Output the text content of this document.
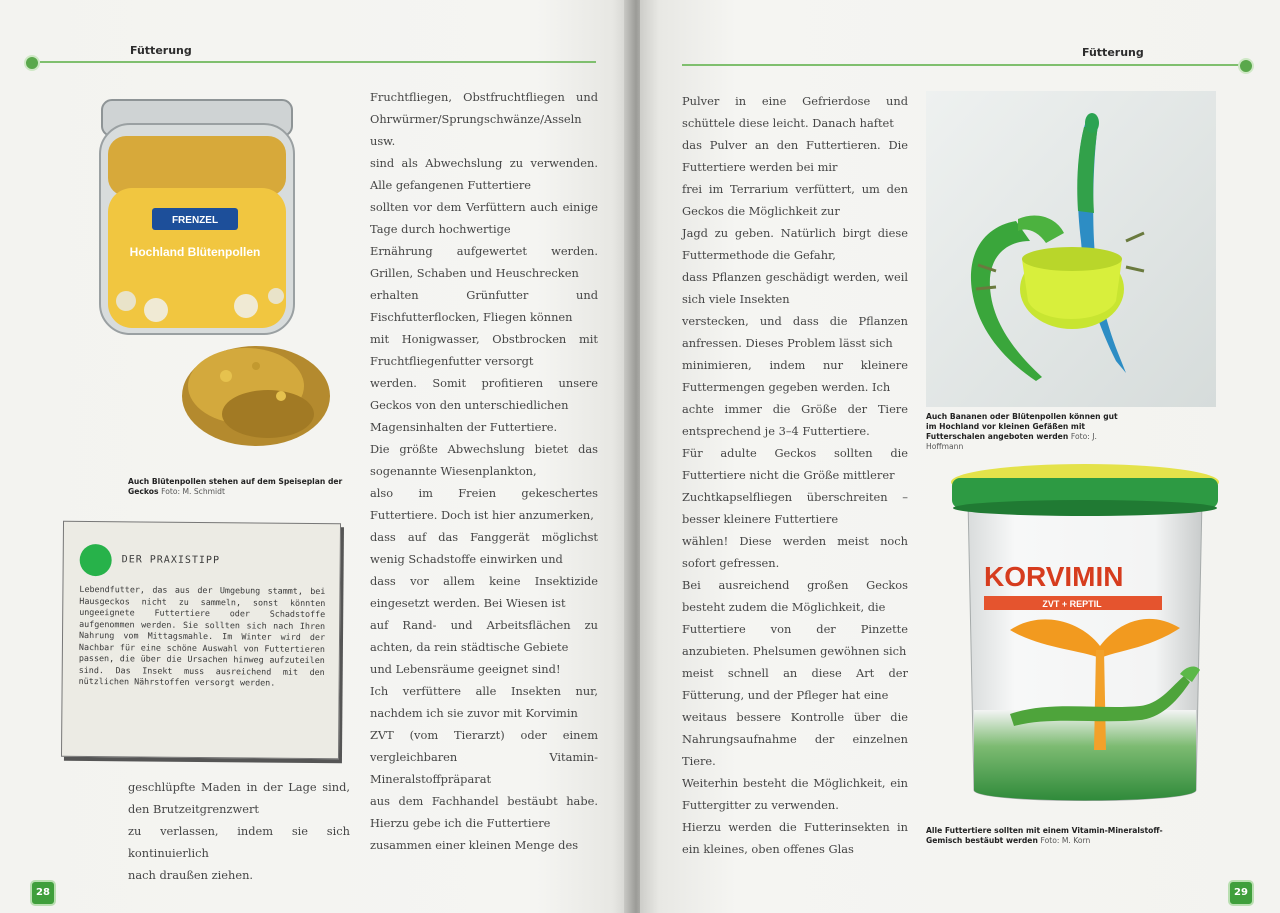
Fütterung
FRENZEL
Hochland Blütenpollen
Auch Blütenpollen stehen auf dem Speiseplan der Geckos Foto: M. Schmidt
DER PRAXISTIPP
Lebendfutter, das aus der Umgebung stammt, bei Hausgeckos nicht zu sammeln, sonst könnten ungeeignete Futtertiere oder Schadstoffe aufgenommen werden. Sie sollten sich nach Ihren Nahrung vom Mittagsmahle. Im Winter wird der Nachbar für eine schöne Auswahl von Futtertieren passen, die über die Ursachen hinweg aufzuteilen sind. Das Insekt muss ausreichend mit den nützlichen Nährstoffen versorgt werden.

Fruchtfliegen, Obstfruchtfliegen und Ohrwürmer/Sprungschwänze/Asseln usw.

sind als Abwechslung zu verwenden. Alle gefangenen Futtertiere

sollten vor dem Verfüttern auch einige Tage durch hochwertige

Ernährung aufgewertet werden. Grillen, Schaben und Heuschrecken

erhalten Grünfutter und Fischfutterflocken, Fliegen können

mit Honigwasser, Obstbrocken mit Fruchtfliegenfutter versorgt

werden. Somit profitieren unsere Geckos von den unterschiedlichen

Magensinhalten der Futtertiere.

Die größte Abwechslung bietet das sogenannte Wiesenplankton,

also im Freien gekeschertes Futtertiere. Doch ist hier anzumerken,

dass auf das Fanggerät möglichst wenig Schadstoffe einwirken und

dass vor allem keine Insektizide eingesetzt werden. Bei Wiesen ist

auf Rand- und Arbeitsflächen zu achten, da rein städtische Gebiete

und Lebensräume geeignet sind!

Ich verfüttere alle Insekten nur, nachdem ich sie zuvor mit Korvimin

ZVT (vom Tierarzt) oder einem vergleichbaren Vitamin-Mineralstoffpräparat

aus dem Fachhandel bestäubt habe. Hierzu gebe ich die Futtertiere

zusammen einer kleinen Menge des

geschlüpfte Maden in der Lage sind, den Brutzeitgrenzwert

zu verlassen, indem sie sich kontinuierlich

nach draußen ziehen.

28
Fütterung

Pulver in eine Gefrierdose und schüttele diese leicht. Danach haftet

das Pulver an den Futtertieren. Die Futtertiere werden bei mir

frei im Terrarium verfüttert, um den Geckos die Möglichkeit zur

Jagd zu geben. Natürlich birgt diese Futtermethode die Gefahr,

dass Pflanzen geschädigt werden, weil sich viele Insekten

verstecken, und dass die Pflanzen anfressen. Dieses Problem lässt sich

minimieren, indem nur kleinere Futtermengen gegeben werden. Ich

achte immer die Größe der Tiere entsprechend je 3–4 Futtertiere.

Für adulte Geckos sollten die Futtertiere nicht die Größe mittlerer

Zuchtkapselfliegen überschreiten – besser kleinere Futtertiere

wählen! Diese werden meist noch sofort gefressen.

Bei ausreichend großen Geckos besteht zudem die Möglichkeit, die

Futtertiere von der Pinzette anzubieten. Phelsumen gewöhnen sich

meist schnell an diese Art der Fütterung, und der Pfleger hat eine

weitaus bessere Kontrolle über die Nahrungsaufnahme der einzelnen Tiere.

Weiterhin besteht die Möglichkeit, ein Futtergitter zu verwenden.

Hierzu werden die Futterinsekten in ein kleines, oben offenes Glas

Auch Bananen oder Blütenpollen können gut im Hochland vor kleinen Gefäßen mit Futterschalen angeboten werden Foto: J. Hoffmann
KORVIMIN
ZVT + REPTIL
Alle Futtertiere sollten mit einem Vitamin-Mineralstoff-Gemisch bestäubt werden Foto: M. Korn
29
